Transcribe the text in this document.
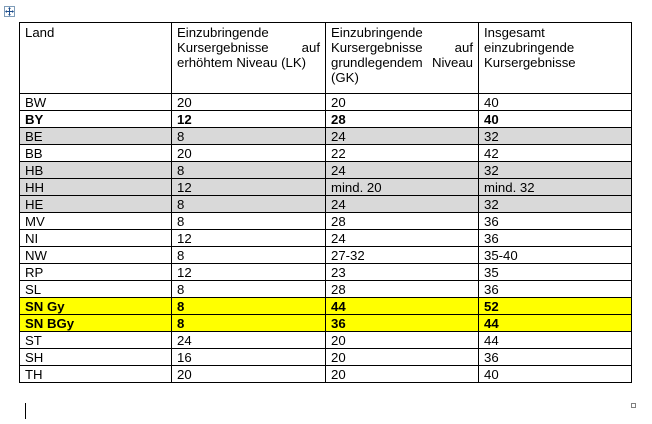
Land	Einzubringende Kursergebnisse auf erhöhtem Niveau (LK)	Einzubringende Kursergebnisse auf grundlegendem Niveau (GK)	Insgesamt einzubringende Kursergebnisse
BW	20	20	40
BY	12	28	40
BE	8	24	32
BB	20	22	42
HB	8	24	32
HH	12	mind. 20	mind. 32
HE	8	24	32
MV	8	28	36
NI	12	24	36
NW	8	27-32	35-40
RP	12	23	35
SL	8	28	36
SN Gy	8	44	52
SN BGy	8	36	44
ST	24	20	44
SH	16	20	36
TH	20	20	40
